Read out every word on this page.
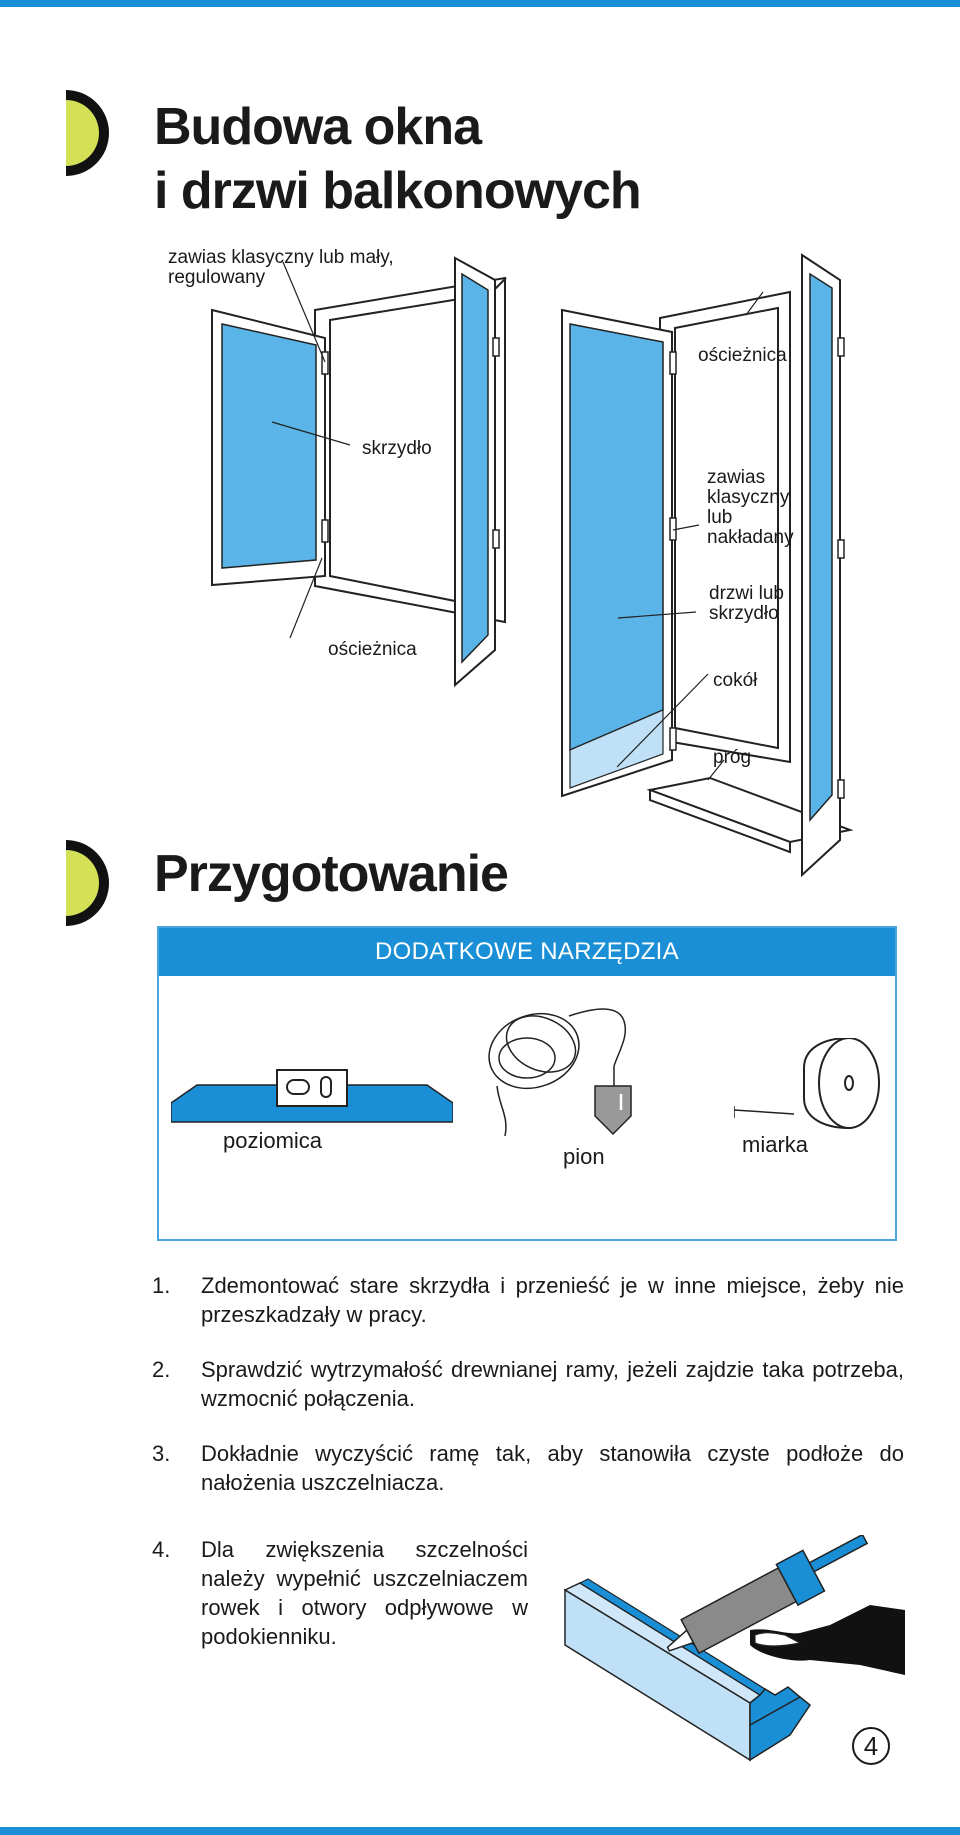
Budowa okna
i drzwi balkonowych
zawias klasyczny lub mały, regulowany
skrzydło
ościeżnica
ościeżnica
zawias klasyczny lub nakładany
drzwi lub skrzydło
cokół
próg
Przygotowanie
DODATKOWE NARZĘDZIA
poziomica
pion	miarka
1. Zdemontować stare skrzydła i przenieść je w inne miejsce, żeby nie przeszkadzały w pracy.
2. Sprawdzić wytrzymałość drewnianej ramy, jeżeli zajdzie taka potrzeba, wzmocnić połączenia.
3. Dokładnie wyczyścić ramę tak, aby stanowiła czyste podłoże do nałożenia uszczelniacza.
4. Dla zwiększenia szczelności należy wypełnić uszczelniaczem rowek i otwory odpływowe w podokienniku.
4
